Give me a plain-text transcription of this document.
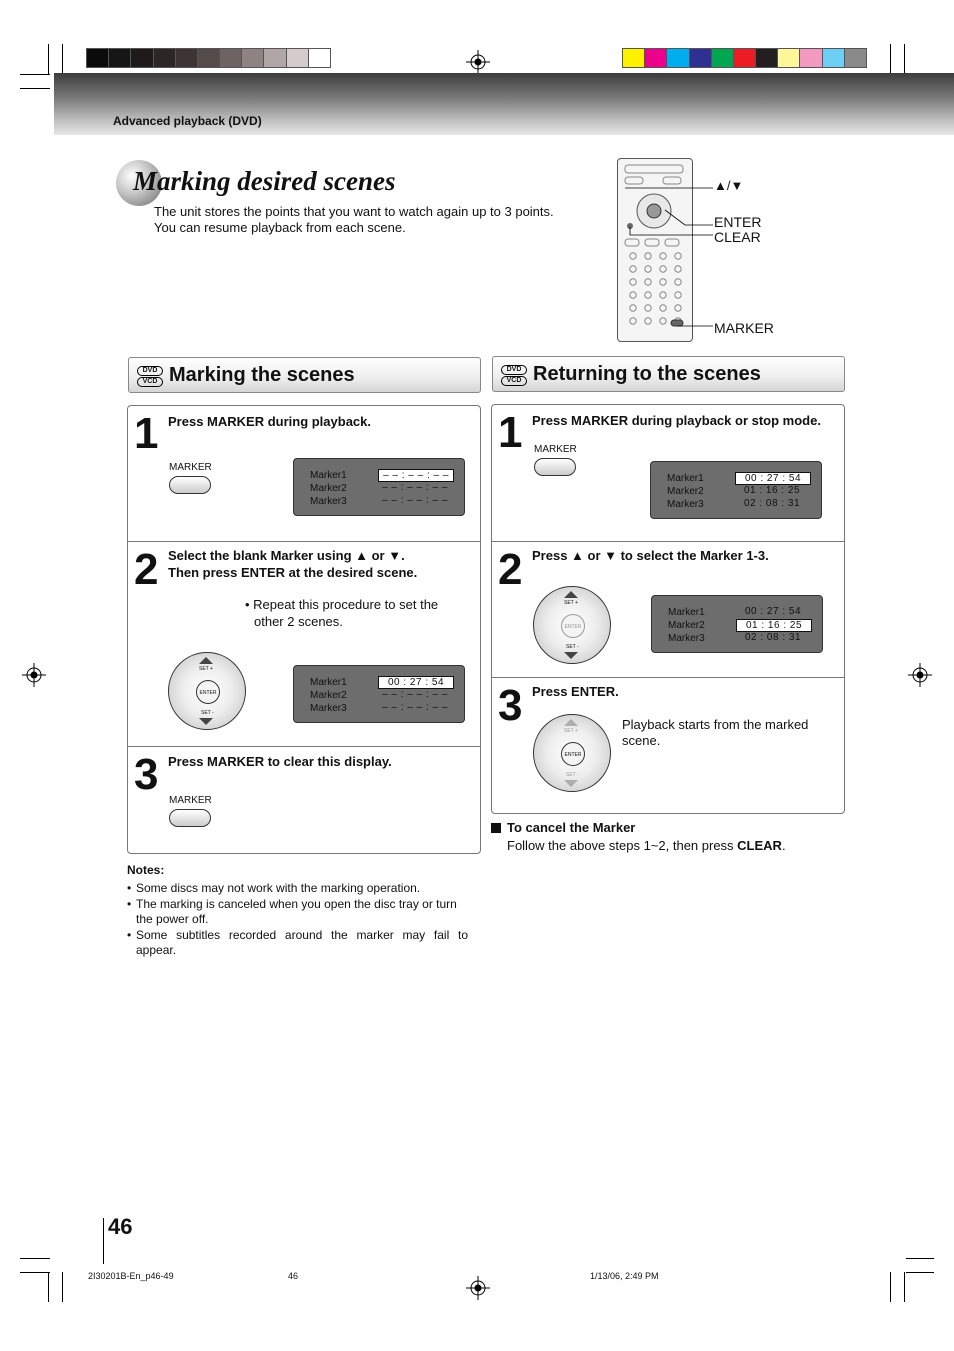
Advanced playback (DVD)
Marking desired scenes
The unit stores the points that you want to watch again up to 3 points.
You can resume playback from each scene.
▲/▼
ENTER
CLEAR
MARKER
DVD
VCD Marking the scenes
1 Press MARKER during playback.
MARKER
Marker1	– – : – – : – –
Marker2	– – : – – : – –
Marker3	– – : – – : – –
2 Select the blank Marker using ▲ or ▼.
Then press ENTER at the desired scene.
• Repeat this procedure to set the
other 2 scenes.
SET +
ENTER
SET -
Marker1	00 : 27 : 54
Marker2	– – : – – : – –
Marker3	– – : – – : – –
3 Press MARKER to clear this display.
MARKER
DVD
VCD Returning to the scenes
1 Press MARKER during playback or stop mode.
MARKER
Marker1	00 : 27 : 54
Marker2	01 : 16 : 25
Marker3	02 : 08 : 31
2 Press ▲ or ▼ to select the Marker 1-3.
SET +
ENTER
SET -
Marker1	00 : 27 : 54
Marker2	01 : 16 : 25
Marker3	02 : 08 : 31
3 Press ENTER.
SET +
ENTER
SET -
Playback starts from the marked
scene.
To cancel the Marker
Follow the above steps 1~2, then press CLEAR.
Notes:
• Some discs may not work with the marking operation.
• The marking is canceled when you open the disc tray or turn the power off.
• Some subtitles recorded around the marker may fail to appear.
46
2I30201B-En_p46-49	46	1/13/06, 2:49 PM
